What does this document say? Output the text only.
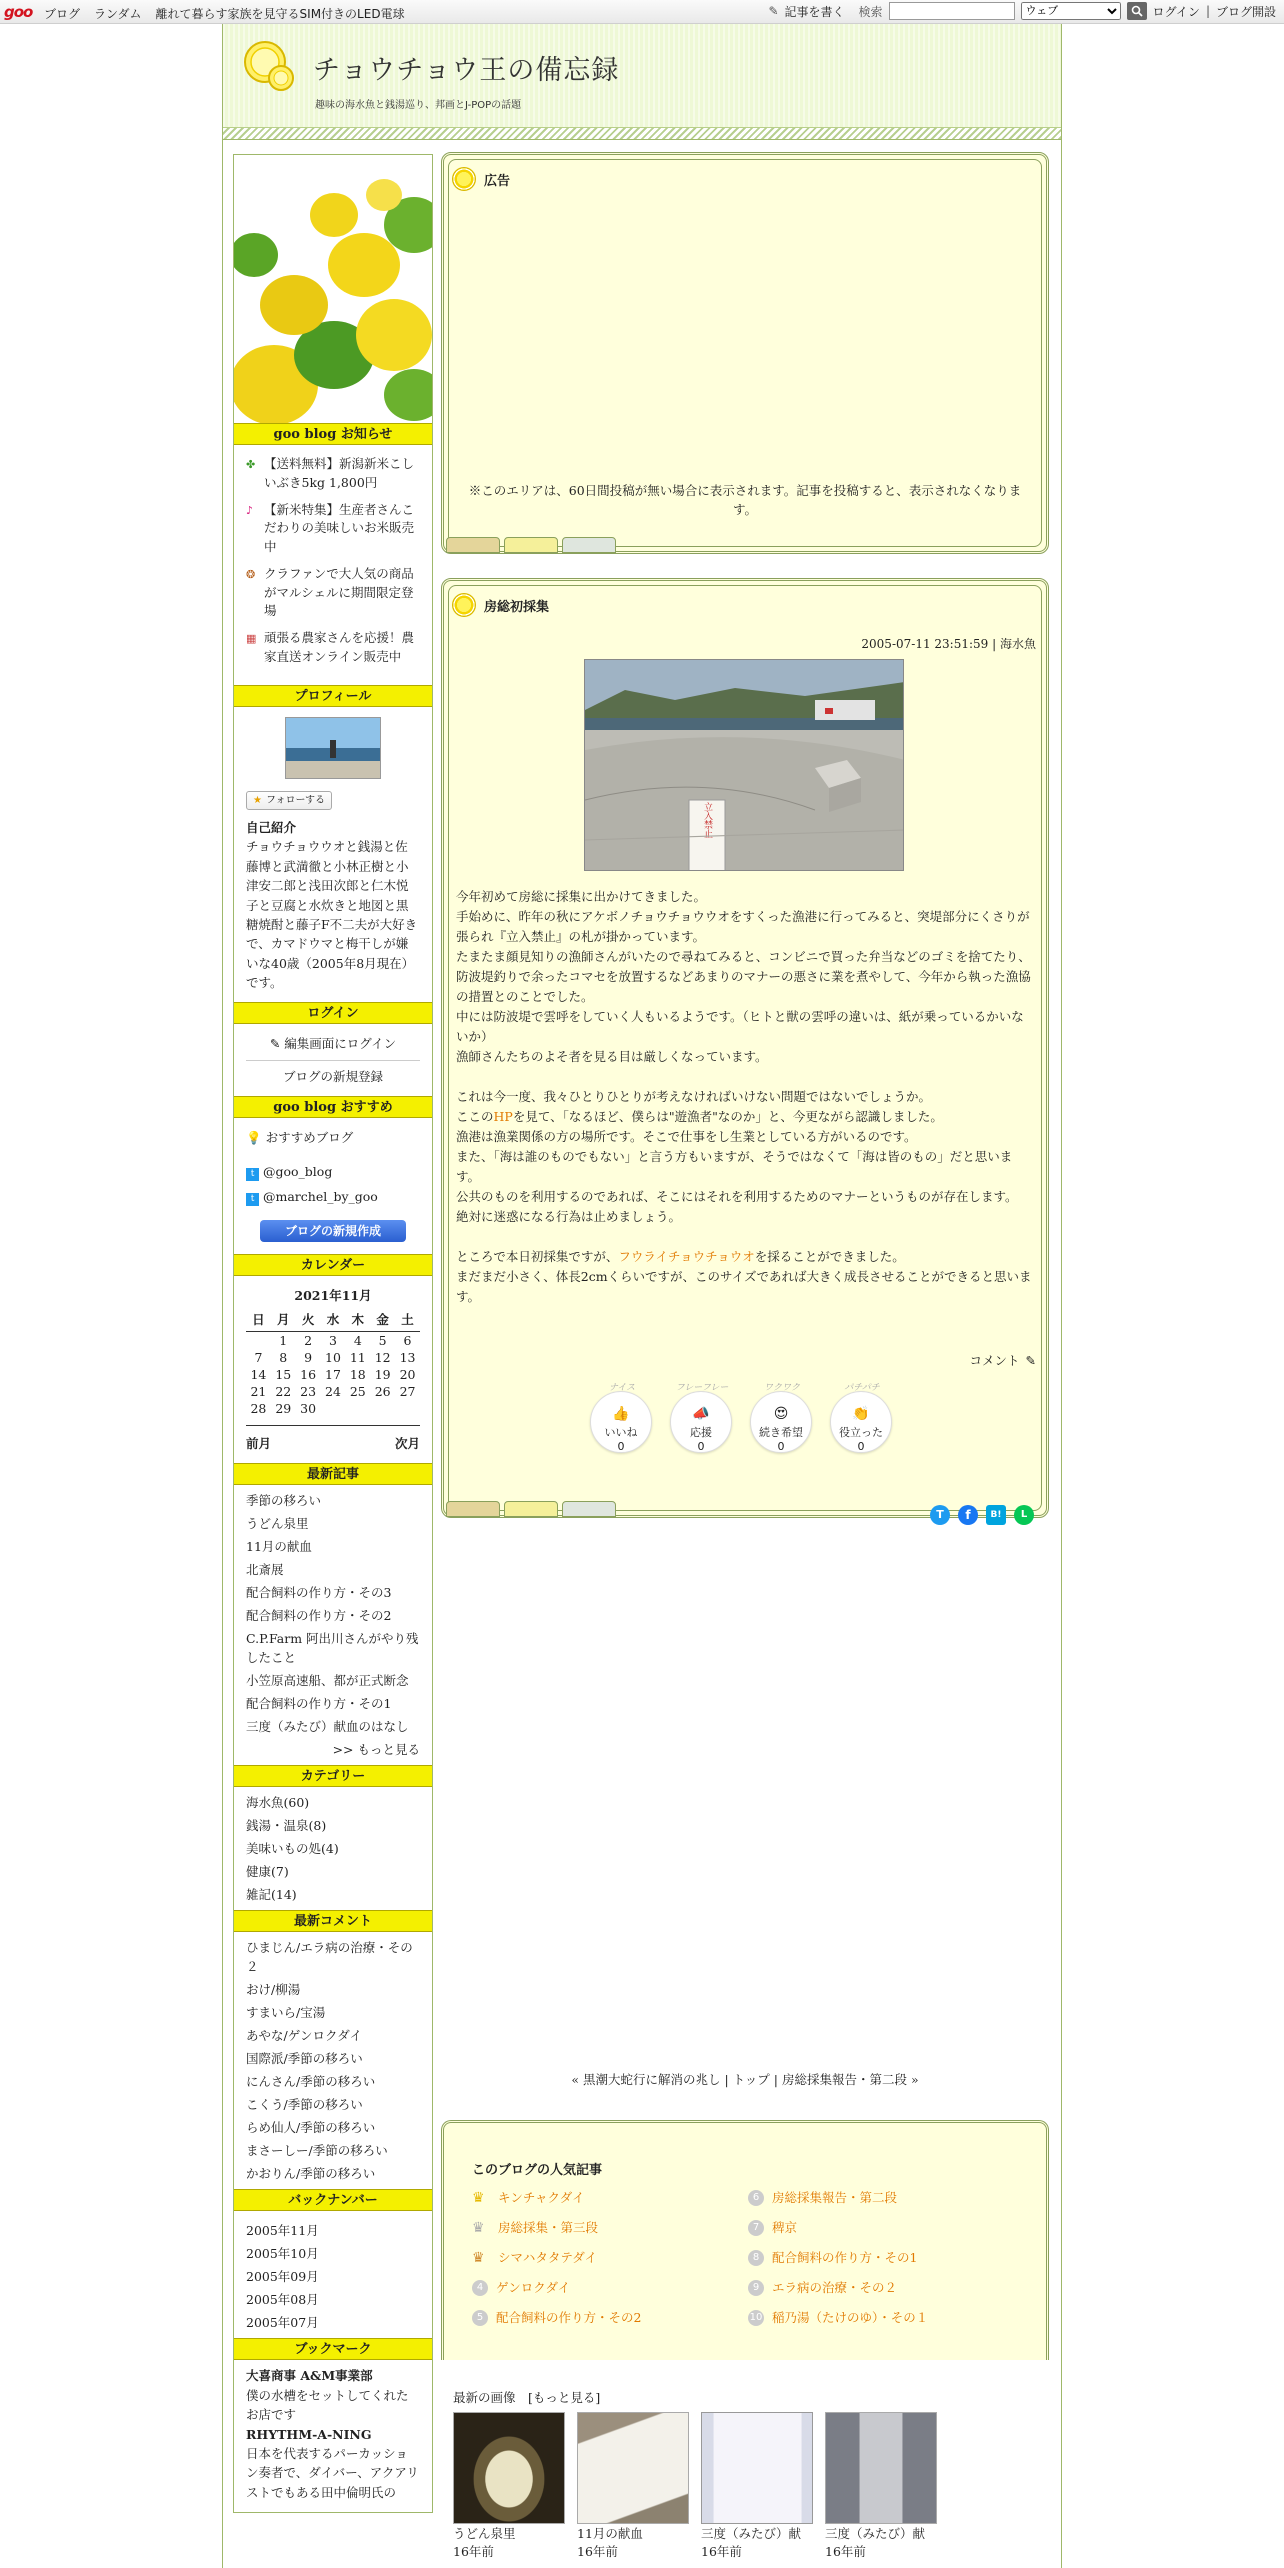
goo ブログ ランダム 離れて暮らす家族を見守るSIM付きのLED電球	✎ 記事を書く 検索
ウェブ	ログイン | ブログ開設
チョウチョウ王の備忘録
趣味の海水魚と銭湯巡り、邦画とJ-POPの話題
goo blog お知らせ
✤ 【送料無料】新潟新米こしいぶき5kg 1,800円
♪ 【新米特集】生産者さんこだわりの美味しいお米販売中
❂ クラファンで大人気の商品がマルシェルに期間限定登場
▦ 頑張る農家さんを応援！農家直送オンライン販売中
プロフィール
★ フォローする
自己紹介
チョウチョウウオと銭湯と佐藤博と武満徹と小林正樹と小津安二郎と浅田次郎と仁木悦子と豆腐と水炊きと地図と黒糖焼酎と藤子F不二夫が大好きで、カマドウマと梅干しが嫌いな40歳（2005年8月現在）です。
ログイン
✎ 編集画面にログイン
ブログの新規登録
goo blog おすすめ
💡 おすすめブログ
t @goo_blog
t @marchel_by_goo
ブログの新規作成
カレンダー
2021年11月
日	月	火	水	木	金	土
	1	2	3	4	5	6
7	8	9	10	11	12	13
14	15	16	17	18	19	20
21	22	23	24	25	26	27
28	29	30				
前月	次月
最新記事
季節の移ろい
うどん泉里
11月の献血
北斎展
配合飼料の作り方・その3
配合飼料の作り方・その2
C.P.Farm 阿出川さんがやり残したこと
小笠原高速船、都が正式断念
配合飼料の作り方・その1
三度（みたび）献血のはなし
>> もっと見る
カテゴリー
海水魚(60)
銭湯・温泉(8)
美味いもの処(4)
健康(7)
雑記(14)
最新コメント
ひまじん/エラ病の治療・その２
おけ/柳湯
すまいら/宝湯
あやな/ゲンロクダイ
国際派/季節の移ろい
にんさん/季節の移ろい
こくう/季節の移ろい
らめ仙人/季節の移ろい
まさーしー/季節の移ろい
かおりん/季節の移ろい
バックナンバー
2005年11月
2005年10月
2005年09月
2005年08月
2005年07月
ブックマーク
大喜商事 A&M事業部
僕の水槽をセットしてくれたお店です
RHYTHM-A-NING
日本を代表するパーカッション奏者で、ダイバー、アクアリストでもある田中倫明氏の
広告
※このエリアは、60日間投稿が無い場合に表示されます。記事を投稿すると、表示されなくなります。
房総初採集
2005-07-11 23:51:59 | 海水魚
立入禁止
今年初めて房総に採集に出かけてきました。
手始めに、昨年の秋にアケボノチョウチョウウオをすくった漁港に行ってみると、突堤部分にくさりが張られ『立入禁止』の札が掛かっています。
たまたま顔見知りの漁師さんがいたので尋ねてみると、コンビニで買った弁当などのゴミを捨てたり、防波堤釣りで余ったコマセを放置するなどあまりのマナーの悪さに業を煮やして、今年から執った漁協の措置とのことでした。
中には防波堤で雲呼をしていく人もいるようです。（ヒトと獣の雲呼の違いは、紙が乗っているかいないか）
漁師さんたちのよそ者を見る目は厳しくなっています。
これは今一度、我々ひとりひとりが考えなければいけない問題ではないでしょうか。
ここのHPを見て、「なるほど、僕らは"遊漁者"なのか」と、今更ながら認識しました。
漁港は漁業関係の方の場所です。そこで仕事をし生業としている方がいるのです。
また、「海は誰のものでもない」と言う方もいますが、そうではなくて「海は皆のもの」だと思います。
公共のものを利用するのであれば、そこにはそれを利用するためのマナーというものが存在します。
絶対に迷惑になる行為は止めましょう。
ところで本日初採集ですが、フウライチョウチョウオを採ることができました。
まだまだ小さく、体長2cmくらいですが、このサイズであれば大きく成長させることができると思います。
コメント ✎
ナイス
👍
いいね
0
フレーフレー
📣
応援
0
ワクワク
😍
続き希望
0
パチパチ
👏
役立った
0
T	f	B!	L
« 黒潮大蛇行に解消の兆し | トップ | 房総採集報告・第二段 »
このブログの人気記事
♛	キンチャクダイ
♛	房総採集・第三段
♛	シマハタタテダイ
4	ゲンロクダイ
5	配合飼料の作り方・その2
6	房総採集報告・第二段
7	稗京
8	配合飼料の作り方・その1
9	エラ病の治療・その２
10 稲乃湯（たけのゆ）・その１
最新の画像　 [もっと見る]
うどん泉里
16年前
11月の献血
16年前
三度（みたび）献
16年前
三度（みたび）献
16年前
